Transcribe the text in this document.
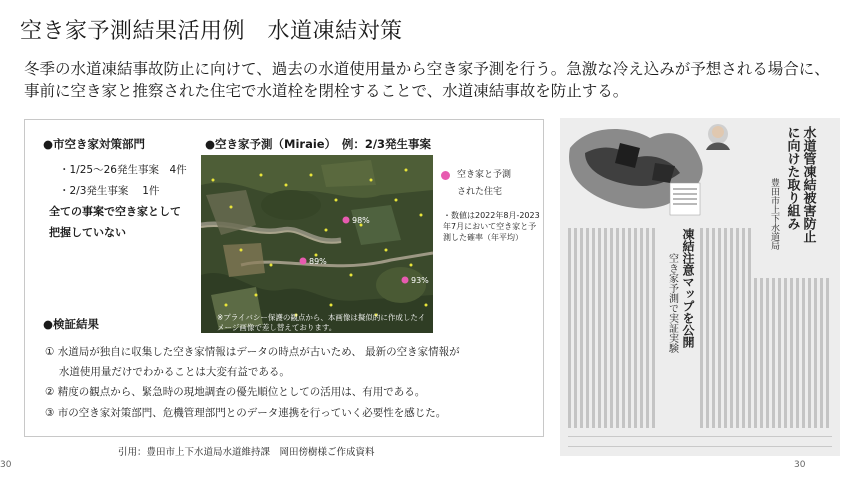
空き家予測結果活用例　水道凍結対策
冬季の水道凍結事故防止に向けて、過去の水道使用量から空き家予測を行う。急激な冷え込みが予想される場合に、事前に空き家と推察された住宅で水道栓を閉栓することで、水道凍結事故を防止する。
●市空き家対策部門
・1/25～26発生事案　4件
・2/3発生事案　 1件
全ての事案で空き家として
把握していない
●空き家予測（Miraie）　例：2/3発生事案
98%
89%
93%
※プライバシー保護の観点から、本画像は擬似的に作成したイメージ画像で差し替えております。
空き家と予測
された住宅
・数値は2022年8月-2023年7月において空き家と予測した確率（年平均）
●検証結果
① 水道局が独自に収集した空き家情報はデータの時点が古いため、 最新の空き家情報が
　 水道使用量だけでわかることは大変有益である。
② 精度の観点から、緊急時の現地調査の優先順位としての活用は、有用である。
③ 市の空き家対策部門、危機管理部門とのデータ連携を行っていく必要性を感じた。
引用：豊田市上下水道局水道維持課　岡田傍樹様ご作成資料
水道管凍結被害防止
に向けた取り組み
豊田市上下水道局
凍結注意マップを公開
空き家予測で実証実験
30	30
